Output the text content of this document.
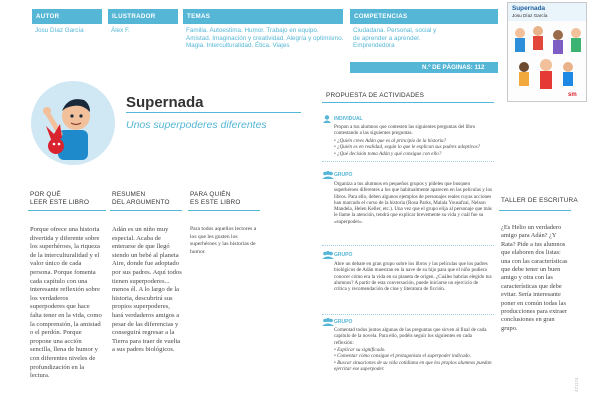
AUTOR
Josu Díaz García
ILUSTRADOR
Álex F.
TEMAS
Familia. Autoestima. Humor. Trabajo en equipo. Amistad. Imaginación y creatividad. Alegría y optimismo. Magia. Interculturalidad. Ética. Viajes
COMPETENCIAS
Ciudadana. Personal, social y de aprender a aprender. Emprendedora
N.º DE PÁGINAS: 112
Supernada
Josu Díaz García
sm
Supernada
Unos superpoderes diferentes
POR QUÉ
LEER ESTE LIBRO
Porque ofrece una historia divertida y diferente sobre los superhéroes, la riqueza de la interculturalidad y el valor único de cada persona. Porque fomenta cada capítulo con una interesante reflexión sobre los verdaderos superpoderes que hace falta tener en la vida, como la comprensión, la amistad o el perdón. Porque propone una acción sencilla, llena de humor y con diferentes niveles de profundización en la lectura.
RESUMEN
DEL ARGUMENTO
Adán es un niño muy especial. Acaba de enterarse de que llegó siendo un bebé al planeta Aire, donde fue adoptado por sus padres. Aquí todos tienen superpoderes... menos él. A lo largo de la historia, descubrirá sus propios superpoderes, hará verdaderos amigos a pesar de las diferencias y conseguirá regresar a la Tierra para traer de vuelta a sus padres biológicos.
PARA QUIÉN
ES ESTE LIBRO
Para todos aquellos lectores a los que les gusten los superhéroes y las historias de humor.
PROPUESTA DE ACTIVIDADES
INDIVIDUAL
Propon a tus alumnos que contesten las siguientes preguntas del libro contestando a las siguientes preguntas.
• ¿Quién crees Adán que es al principio de la historia?
• ¿Quién es en realidad, según lo que le explican sus padres adoptivos?
• ¿Qué decisión toma Adán y qué consigue con ello?
GRUPO
Organiza a tus alumnos en pequeños grupos y pídeles que busquen superhéroes diferentes a los que habitualmente aparecen en las películas y los libros. Para ello, deben algunos ejemplos de personajes reales cuyas acciones han marcado el curso de la historia (Rosa Parks, Malala Yousafzai, Nelson Mandela, Helen Keller, etc.). Una vez que el grupo elija al personaje que más le llame la atención, tendrá que explicar brevemente su vida y cuál fue su «superpoder».
GRUPO
Abre un debate en gran grupo sobre los libros y las películas que los padres biológicos de Adán muestran en la nave de su hijo para que el niño pudiera conocer cómo era la vida en su planeta de origen. ¿Cuáles habrías elegido tus alumnos? A partir de esta conversación, puede iniciarse un ejercicio de crítica y recomendación de cine y literatura de ficción.
GRUPO
Comentad todos juntos algunas de las preguntas que sirven al final de cada capítulo de la novela. Para ello, podéis seguir los siguientes en cada reflexión:
• Explicar su significado.
• Comentar cómo consigue el protagonista el superpoder indicado.
• Buscar situaciones de su vida cotidiana en que los propios alumnos puedan ejercitar ese superpoder.
TALLER DE ESCRITURA
¿Es Helio un verdadero amigo para Adán? ¿Y Rata? Pide a tus alumnos que elaboren dos listas: una con las características que debe tener un buen amigo y otra con las características que debe evitar. Sería interesante poner en común todas las producciones para extraer conclusiones en gran grupo.
471174
